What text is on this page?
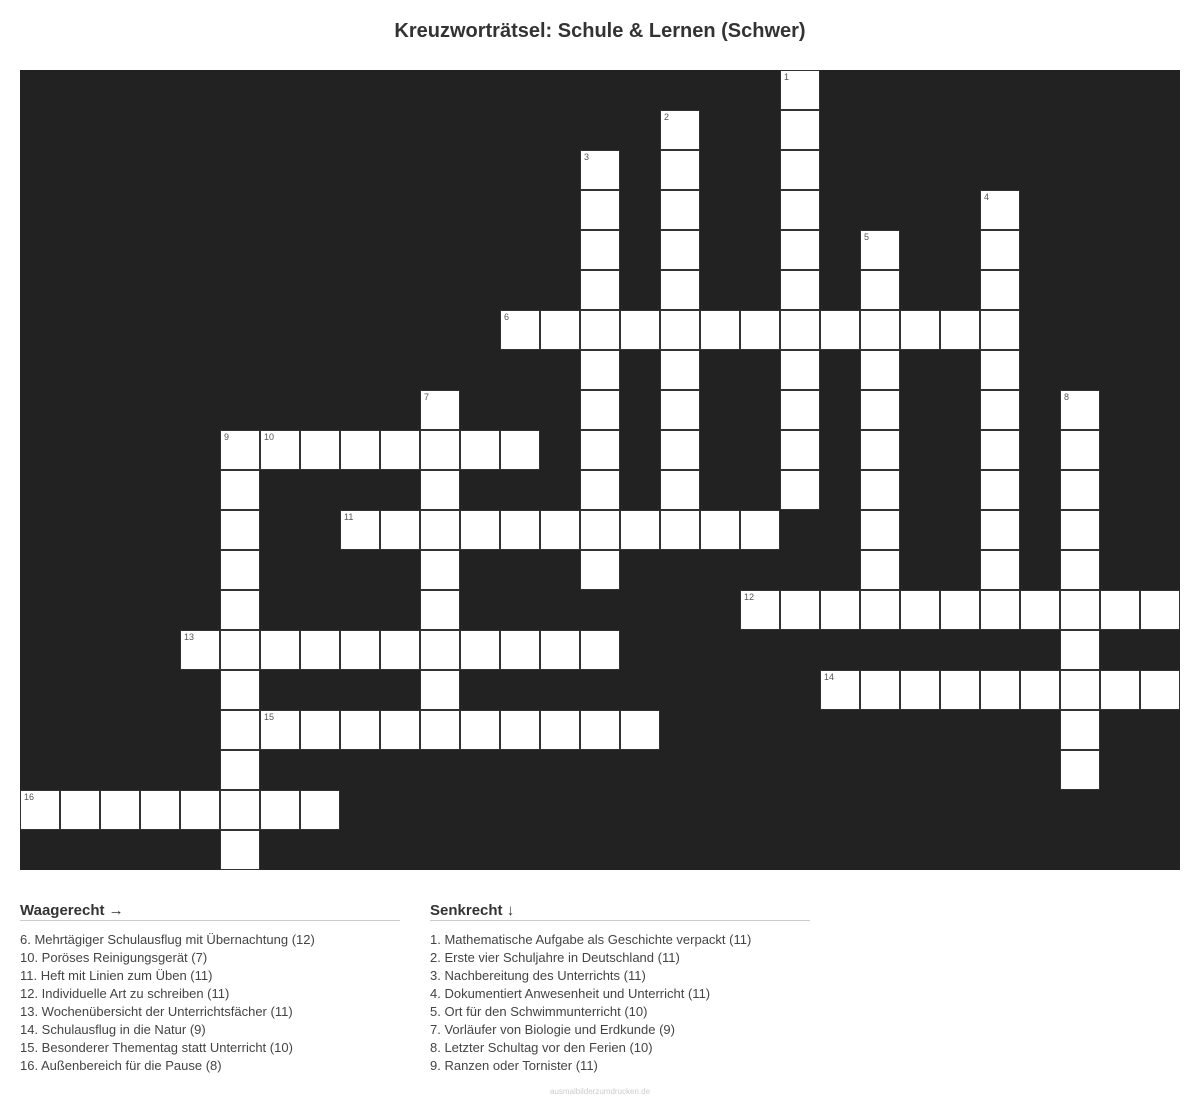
Kreuzworträtsel: Schule & Lernen (Schwer)
1
2
3
4
5
6
7	8
9	10
11
12
13
14
15
16
Waagerecht →
6. Mehrtägiger Schulausflug mit Übernachtung (12)
10. Poröses Reinigungsgerät (7)
11. Heft mit Linien zum Üben (11)
12. Individuelle Art zu schreiben (11)
13. Wochenübersicht der Unterrichtsfächer (11)
14. Schulausflug in die Natur (9)
15. Besonderer Thementag statt Unterricht (10)
16. Außenbereich für die Pause (8)
Senkrecht ↓
1. Mathematische Aufgabe als Geschichte verpackt (11)
2. Erste vier Schuljahre in Deutschland (11)
3. Nachbereitung des Unterrichts (11)
4. Dokumentiert Anwesenheit und Unterricht (11)
5. Ort für den Schwimmunterricht (10)
7. Vorläufer von Biologie und Erdkunde (9)
8. Letzter Schultag vor den Ferien (10)
9. Ranzen oder Tornister (11)
ausmalbilderzumdrucken.de
